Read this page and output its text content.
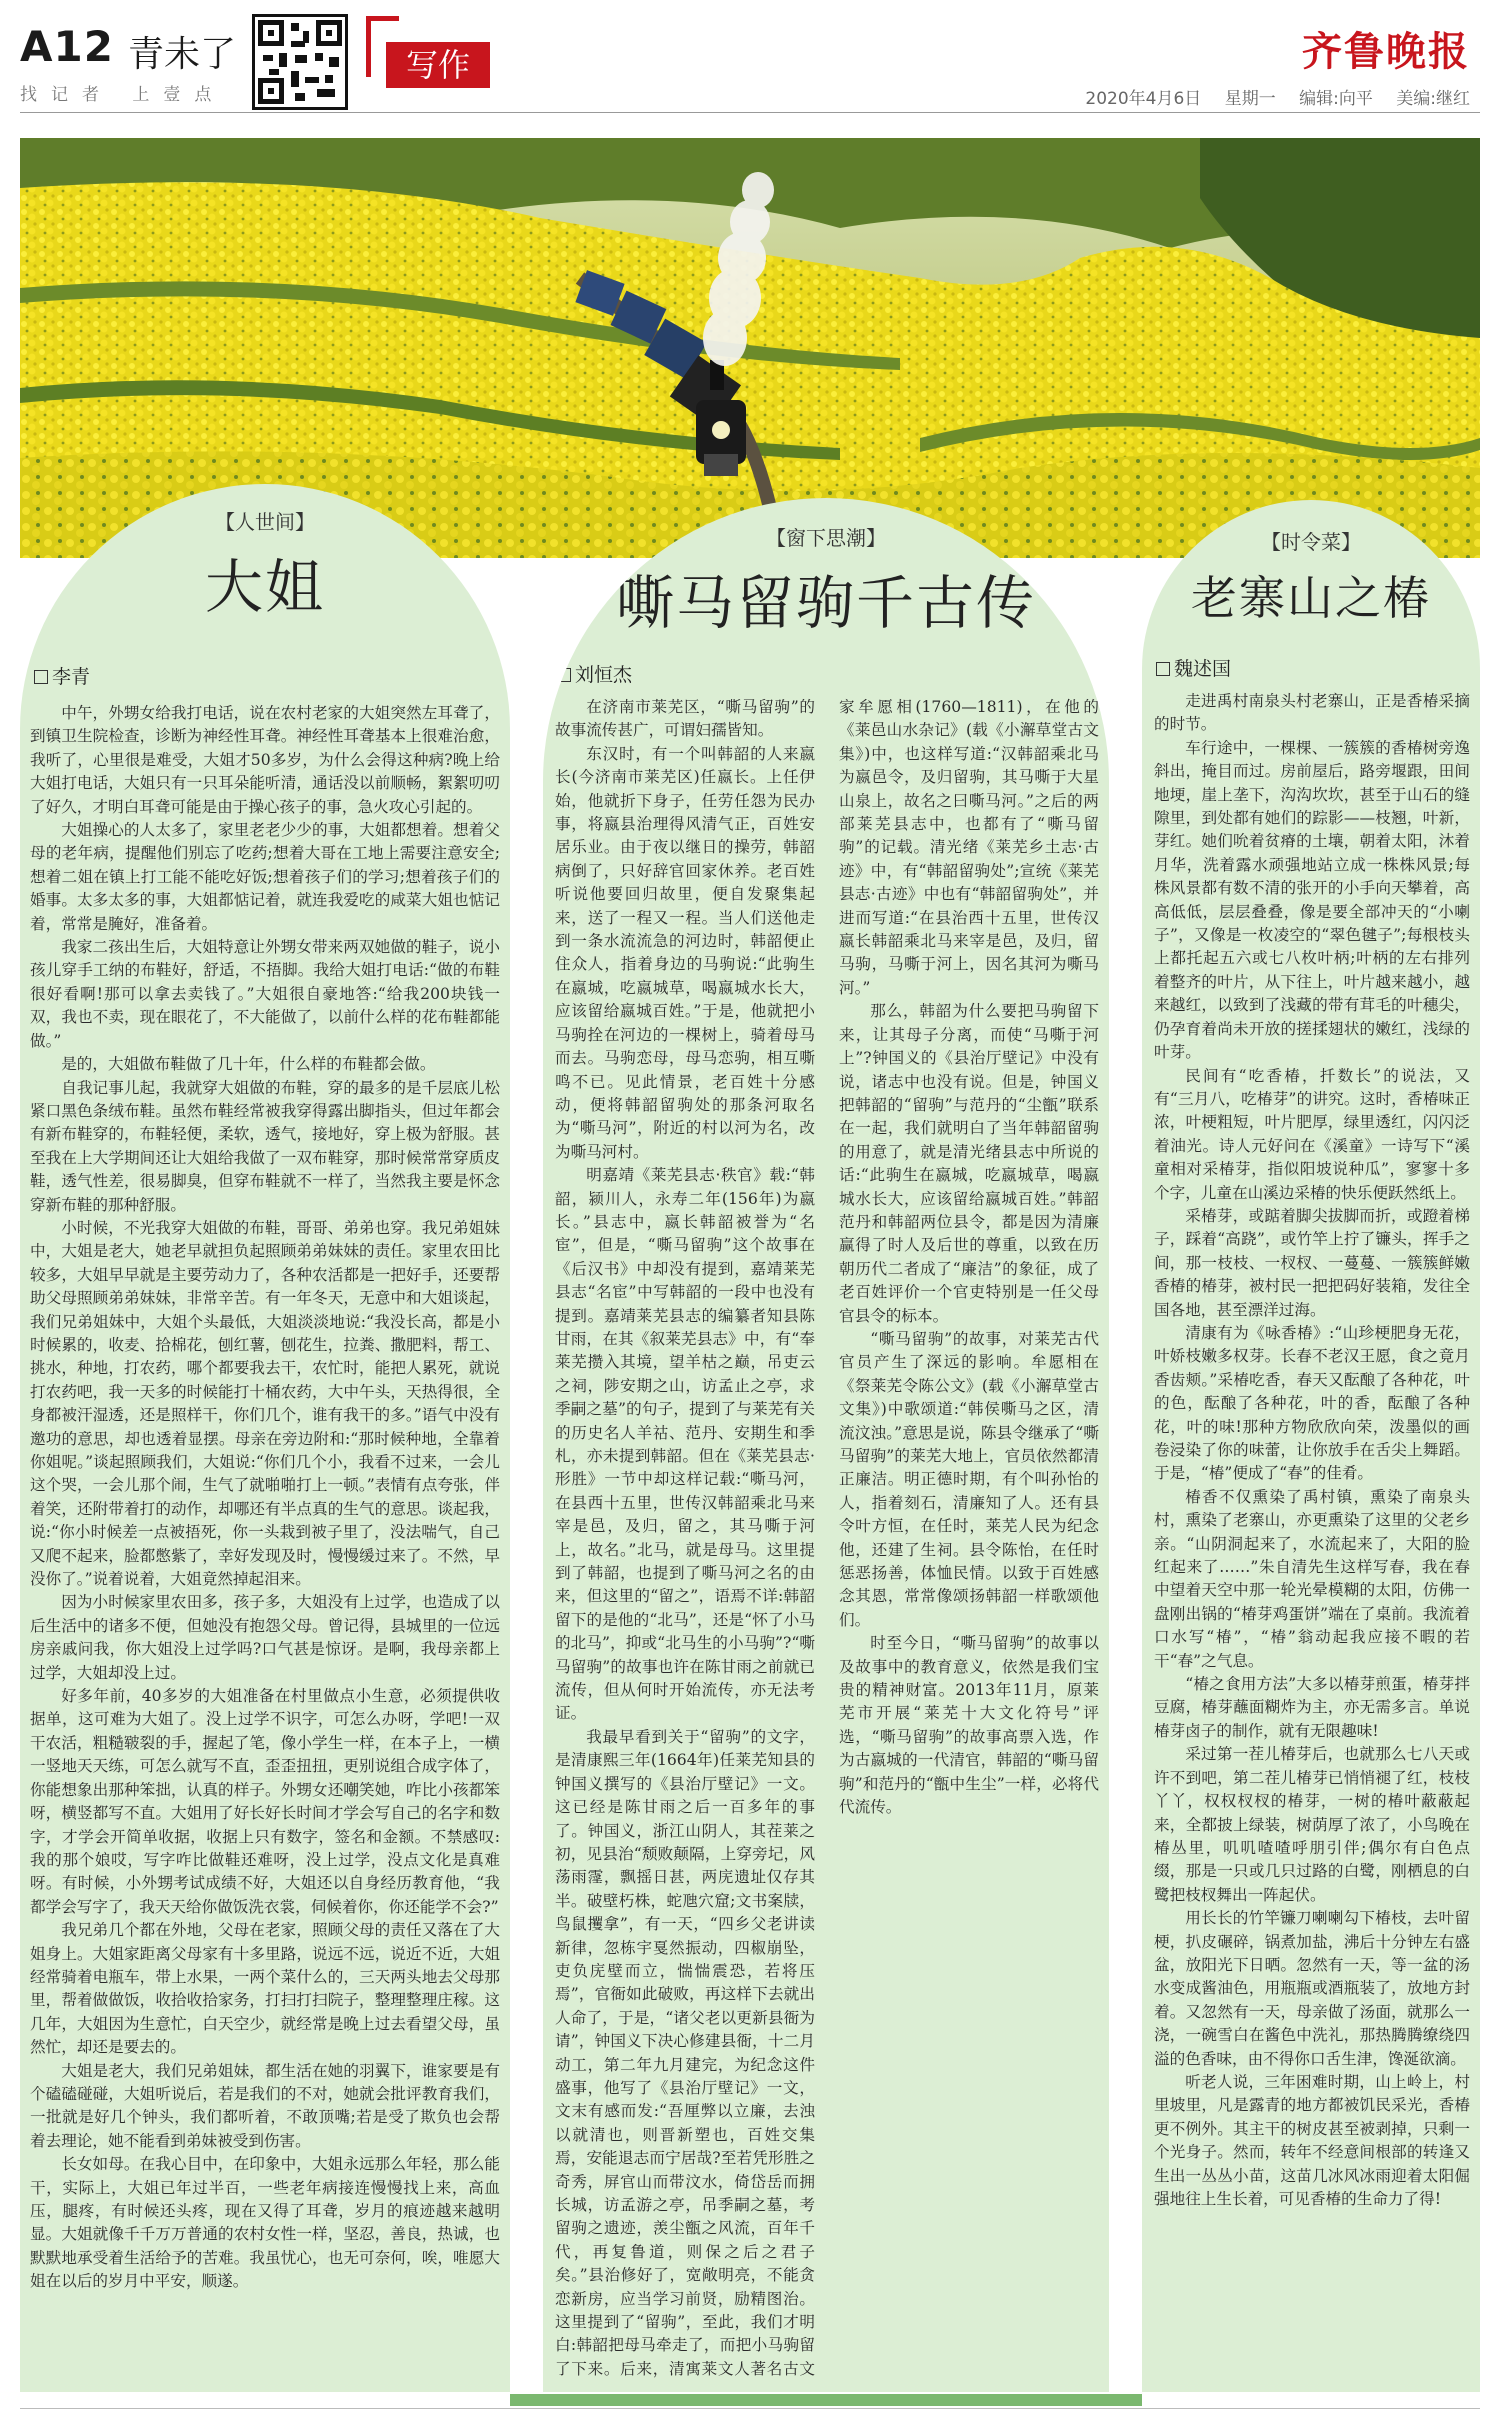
A12 青未了
找记者 上壹点
写作	齐鲁晚报
2020年4月6日 星期一 编辑:向平 美编:继红
【人世间】
大姐
李青

中午，外甥女给我打电话，说在农村老家的大姐突然左耳聋了，到镇卫生院检查，诊断为神经性耳聋。神经性耳聋基本上很难治愈，我听了，心里很是难受，大姐才50多岁，为什么会得这种病?晚上给大姐打电话，大姐只有一只耳朵能听清，通话没以前顺畅，絮絮叨叨了好久，才明白耳聋可能是由于操心孩子的事，急火攻心引起的。

大姐操心的人太多了，家里老老少少的事，大姐都想着。想着父母的老年病，提醒他们别忘了吃药;想着大哥在工地上需要注意安全;想着二姐在镇上打工能不能吃好饭;想着孩子们的学习;想着孩子们的婚事。太多太多的事，大姐都惦记着，就连我爱吃的咸菜大姐也惦记着，常常是腌好，准备着。

我家二孩出生后，大姐特意让外甥女带来两双她做的鞋子，说小孩儿穿手工纳的布鞋好，舒适，不捂脚。我给大姐打电话:“做的布鞋很好看啊!那可以拿去卖钱了。”大姐很自豪地答:“给我200块钱一双，我也不卖，现在眼花了，不大能做了，以前什么样的花布鞋都能做。”

是的，大姐做布鞋做了几十年，什么样的布鞋都会做。

自我记事儿起，我就穿大姐做的布鞋，穿的最多的是千层底儿松紧口黑色条绒布鞋。虽然布鞋经常被我穿得露出脚指头，但过年都会有新布鞋穿的，布鞋轻便，柔软，透气，接地好，穿上极为舒服。甚至我在上大学期间还让大姐给我做了一双布鞋穿，那时候常常穿质皮鞋，透气性差，很易脚臭，但穿布鞋就不一样了，当然我主要是怀念穿新布鞋的那种舒服。

小时候，不光我穿大姐做的布鞋，哥哥、弟弟也穿。我兄弟姐妹中，大姐是老大，她老早就担负起照顾弟弟妹妹的责任。家里农田比较多，大姐早早就是主要劳动力了，各种农活都是一把好手，还要帮助父母照顾弟弟妹妹，非常辛苦。有一年冬天，无意中和大姐谈起，我们兄弟姐妹中，大姐个头最低，大姐淡淡地说:“我没长高，都是小时候累的，收麦、拾棉花，刨红薯，刨花生，拉粪、撒肥料，帮工、挑水，种地，打农药，哪个都要我去干，农忙时，能把人累死，就说打农药吧，我一天多的时候能打十桶农药，大中午头，天热得很，全身都被汗湿透，还是照样干，你们几个，谁有我干的多。”语气中没有邀功的意思，却也透着显摆。母亲在旁边附和:“那时候种地，全靠着你姐呢。”谈起照顾我们，大姐说:“你们几个小，我看不过来，一会儿这个哭，一会儿那个闹，生气了就啪啪打上一顿。”表情有点夸张，伴着笑，还附带着打的动作，却哪还有半点真的生气的意思。谈起我，说:“你小时候差一点被捂死，你一头栽到被子里了，没法喘气，自己又爬不起来，脸都憋紫了，幸好发现及时，慢慢缓过来了。不然，早没你了。”说着说着，大姐竟然掉起泪来。

因为小时候家里农田多，孩子多，大姐没有上过学，也造成了以后生活中的诸多不便，但她没有抱怨父母。曾记得，县城里的一位远房亲戚问我，你大姐没上过学吗?口气甚是惊讶。是啊，我母亲都上过学，大姐却没上过。

好多年前，40多岁的大姐准备在村里做点小生意，必须提供收据单，这可难为大姐了。没上过学不识字，可怎么办呀，学吧!一双干农活，粗糙皲裂的手，握起了笔，像小学生一样，在本子上，一横一竖地天天练，可怎么就写不直，歪歪扭扭，更别说组合成字体了，你能想象出那种笨拙，认真的样子。外甥女还嘲笑她，咋比小孩都笨呀，横竖都写不直。大姐用了好长好长时间才学会写自己的名字和数字，才学会开简单收据，收据上只有数字，签名和金额。不禁感叹:我的那个娘哎，写字咋比做鞋还难呀，没上过学，没点文化是真难呀。有时候，小外甥考试成绩不好，大姐还以自身经历教育他，“我都学会写字了，我天天给你做饭洗衣裳，伺候着你，你还能学不会?”

我兄弟几个都在外地，父母在老家，照顾父母的责任又落在了大姐身上。大姐家距离父母家有十多里路，说远不远，说近不近，大姐经常骑着电瓶车，带上水果，一两个菜什么的，三天两头地去父母那里，帮着做做饭，收拾收拾家务，打扫打扫院子，整理整理庄稼。这几年，大姐因为生意忙，白天空少，就经常是晚上过去看望父母，虽然忙，却还是要去的。

大姐是老大，我们兄弟姐妹，都生活在她的羽翼下，谁家要是有个磕磕碰碰，大姐听说后，若是我们的不对，她就会批评教育我们，一批就是好几个钟头，我们都听着，不敢顶嘴;若是受了欺负也会帮着去理论，她不能看到弟妹被受到伤害。

长女如母。在我心目中，在印象中，大姐永远那么年轻，那么能干，实际上，大姐已年过半百，一些老年病接连慢慢找上来，高血压，腿疼，有时候还头疼，现在又得了耳聋，岁月的痕迹越来越明显。大姐就像千千万万普通的农村女性一样，坚忍，善良，热诚，也默默地承受着生活给予的苦难。我虽忧心，也无可奈何，唉，唯愿大姐在以后的岁月中平安，顺遂。

【窗下思潮】
嘶马留驹千古传
刘恒杰

在济南市莱芜区，“嘶马留驹”的故事流传甚广，可谓妇孺皆知。

东汉时，有一个叫韩韶的人来嬴长(今济南市莱芜区)任嬴长。上任伊始，他就折下身子，任劳任怨为民办事，将嬴县治理得风清气正，百姓安居乐业。由于夜以继日的操劳，韩韶病倒了，只好辞官回家休养。老百姓听说他要回归故里，便自发聚集起来，送了一程又一程。当人们送他走到一条水流流急的河边时，韩韶便止住众人，指着身边的马驹说:“此驹生在嬴城，吃嬴城草，喝嬴城水长大，应该留给嬴城百姓。”于是，他就把小马驹拴在河边的一棵树上，骑着母马而去。马驹恋母，母马恋驹，相互嘶鸣不已。见此情景，老百姓十分感动，便将韩韶留驹处的那条河取名为“嘶马河”，附近的村以河为名，改为嘶马河村。

明嘉靖《莱芜县志·秩官》载:“韩韶，颍川人，永寿二年(156年)为嬴长。”县志中，嬴长韩韶被誉为“名宦”，但是，“嘶马留驹”这个故事在《后汉书》中却没有提到，嘉靖莱芜县志“名宦”中写韩韶的一段中也没有提到。嘉靖莱芜县志的编纂者知县陈甘雨，在其《叙莱芜县志》中，有“奉莱芜攒入其境，望羊枯之巅，吊吏云之祠，陟安期之山，访孟止之亭，求季嗣之墓”的句子，提到了与莱芜有关的历史名人羊祜、范丹、安期生和季札，亦未提到韩韶。但在《莱芜县志·形胜》一节中却这样记载:“嘶马河，在县西十五里，世传汉韩韶乘北马来宰是邑，及归，留之，其马嘶于河上，故名。”北马，就是母马。这里提到了韩韶，也提到了嘶马河之名的由来，但这里的“留之”，语焉不详:韩韶留下的是他的“北马”，还是“怀了小马的北马”，抑或“北马生的小马驹”?“嘶马留驹”的故事也许在陈甘雨之前就已流传，但从何时开始流传，亦无法考证。

我最早看到关于“留驹”的文字，是清康熙三年(1664年)任莱芜知县的钟国义撰写的《县治厅壁记》一文。这已经是陈甘雨之后一百多年的事了。钟国义，浙江山阴人，其茬莱之初，见县治“颓败颠隔，上穿旁圮，风荡雨霪，飘摇日甚，两庑遗址仅存其半。破壁朽株，蛇虺穴窟;文书案牍，鸟鼠攫拿”，有一天，“四乡父老讲读新律，忽栋宇戛然振动，四椒崩坠，吏负庑壁而立，惴惴震恐，若将压焉”，官衙如此破败，再这样下去就出人命了，于是，“诸父老以更新县衙为请”，钟国义下决心修建县衙，十二月动工，第二年九月建完，为纪念这件盛事，他写了《县治厅壁记》一文，文末有感而发:“吾厘弊以立廉，去浊以就清也，则晋新塑也，百姓交集焉，安能退志而宁居哉?至若凭形胜之奇秀，屏官山而带汶水，倚岱岳而拥长城，访孟游之亭，吊季嗣之墓，考留驹之遗迹，羡尘甑之风流，百年千代，再复鲁道，则保之后之君子矣。”县治修好了，宽敞明亮，不能贪恋新房，应当学习前贤，励精图治。这里提到了“留驹”，至此，我们才明白:韩韶把母马牵走了，而把小马驹留了下来。后来，清寓莱文人著名古文家牟愿相(1760—1811)，在他的《莱邑山水杂记》(载《小澥草堂古文集》)中，也这样写道:“汉韩韶乘北马为嬴邑令，及归留驹，其马嘶于大星山泉上，故名之曰嘶马河。”之后的两部莱芜县志中，也都有了“嘶马留驹”的记载。清光绪《莱芜乡土志·古迹》中，有“韩韶留驹处”;宣统《莱芜县志·古迹》中也有“韩韶留驹处”，并进而写道:“在县治西十五里，世传汉嬴长韩韶乘北马来宰是邑，及归，留马驹，马嘶于河上，因名其河为嘶马河。”

那么，韩韶为什么要把马驹留下来，让其母子分离，而使“马嘶于河上”?钟国义的《县治厅壁记》中没有说，诸志中也没有说。但是，钟国义把韩韶的“留驹”与范丹的“尘甑”联系在一起，我们就明白了当年韩韶留驹的用意了，就是清光绪县志中所说的话:“此驹生在嬴城，吃嬴城草，喝嬴城水长大，应该留给嬴城百姓。”韩韶范丹和韩韶两位县令，都是因为清廉赢得了时人及后世的尊重，以致在历朝历代二者成了“廉洁”的象征，成了老百姓评价一个官吏特别是一任父母官县令的标本。

“嘶马留驹”的故事，对莱芜古代官员产生了深远的影响。牟愿相在《祭莱芜令陈公文》(载《小澥草堂古文集》)中歌颂道:“韩侯嘶马之区，清流汶浊。”意思是说，陈县令继承了“嘶马留驹”的莱芜大地上，官员依然都清正廉洁。明正德时期，有个叫孙怡的人，指着刻石，清廉知了人。还有县令叶方恒，在任时，莱芜人民为纪念他，还建了生祠。县令陈怡，在任时惩恶扬善，体恤民情。以致于百姓感念其恩，常常像颂扬韩韶一样歌颂他们。

时至今日，“嘶马留驹”的故事以及故事中的教育意义，依然是我们宝贵的精神财富。2013年11月，原莱芜市开展“莱芜十大文化符号”评选，“嘶马留驹”的故事高票入选，作为古嬴城的一代清官，韩韶的“嘶马留驹”和范丹的“甑中生尘”一样，必将代代流传。

【时令菜】
老寨山之椿
魏述国

走进禹村南泉头村老寨山，正是香椿采摘的时节。

车行途中，一棵棵、一簇簇的香椿树旁逸斜出，掩目而过。房前屋后，路旁堰跟，田间地埂，崖上垄下，沟沟坎坎，甚至于山石的缝隙里，到处都有她们的踪影——枝翘，叶新，芽红。她们吮着贫瘠的土壤，朝着太阳，沐着月华，洗着露水顽强地站立成一株株风景;每株风景都有数不清的张开的小手向天攀着，高高低低，层层叠叠，像是要全部冲天的“小喇子”，又像是一枚凌空的“翠色毽子”;每根枝头上都托起五六或七八枚叶柄;叶柄的左右排列着整齐的叶片，从下往上，叶片越来越小，越来越红，以致到了浅藏的带有茸毛的叶穗尖，仍孕育着尚未开放的搓揉翅状的嫩红，浅绿的叶芽。

民间有“吃香椿，扦数长”的说法，又有“三月八，吃椿芽”的讲究。这时，香椿味正浓，叶梗粗短，叶片肥厚，绿里透红，闪闪泛着油光。诗人元好问在《溪童》一诗写下“溪童相对采椿芽，指似阳坡说种瓜”，寥寥十多个字，儿童在山溪边采椿的快乐便跃然纸上。

采椿芽，或踮着脚尖拔脚而折，或蹬着梯子，踩着“高跷”，或竹竿上拧了镰头，挥手之间，那一枝枝、一杈杈、一蔓蔓、一簇簇鲜嫩香椿的椿芽，被村民一把把码好装箱，发往全国各地，甚至漂洋过海。

清康有为《咏香椿》:“山珍梗肥身无花，叶娇枝嫩多权芽。长春不老汉王愿，食之竟月香齿颊。”采椿吃香，春天又酝酿了各种花，叶的色，酝酿了各种花，叶的香，酝酿了各种花，叶的味!那种方物欣欣向荣，泼墨似的画卷浸染了你的味蕾，让你放手在舌尖上舞蹈。于是，“椿”便成了“春”的佳肴。

椿香不仅熏染了禹村镇，熏染了南泉头村，熏染了老寨山，亦更熏染了这里的父老乡亲。“山阴洞起来了，水流起来了，大阳的脸红起来了……”朱自清先生这样写春，我在春中望着天空中那一轮光晕模糊的太阳，仿佛一盘刚出锅的“椿芽鸡蛋饼”端在了桌前。我流着口水写“椿”，“椿”翁动起我应接不暇的若干“春”之气息。

“椿之食用方法”大多以椿芽煎蛋，椿芽拌豆腐，椿芽蘸面糊炸为主，亦无需多言。单说椿芽卤子的制作，就有无限趣味!

采过第一茬儿椿芽后，也就那么七八天或许不到吧，第二茬儿椿芽已悄悄褪了红，枝枝丫丫，权权杈杈的椿芽，一树的椿叶蔽蔽起来，全都披上绿装，树荫厚了浓了，小鸟晚在椿丛里，叽叽喳喳呼朋引伴;偶尔有白色点缀，那是一只或几只过路的白鹭，刚栖息的白鹭把枝杈舞出一阵起伏。

用长长的竹竿镰刀喇喇勾下椿枝，去叶留梗，扒皮碾碎，锅煮加盐，沸后十分钟左右盛盆，放阳光下日晒。忽然有一天，等一盆的汤水变成酱油色，用瓶瓶或酒瓶装了，放地方封着。又忽然有一天，母亲做了汤面，就那么一浇，一碗雪白在酱色中洗礼，那热腾腾缭绕四溢的色香味，由不得你口舌生津，馋涎欲滴。

听老人说，三年困难时期，山上岭上，村里坡里，凡是露青的地方都被饥民采光，香椿更不例外。其主干的树皮甚至被剥掉，只剩一个光身子。然而，转年不经意间根部的转逢又生出一丛丛小苗，这苗几冰风冰雨迎着太阳倔强地往上生长着，可见香椿的生命力了得!
